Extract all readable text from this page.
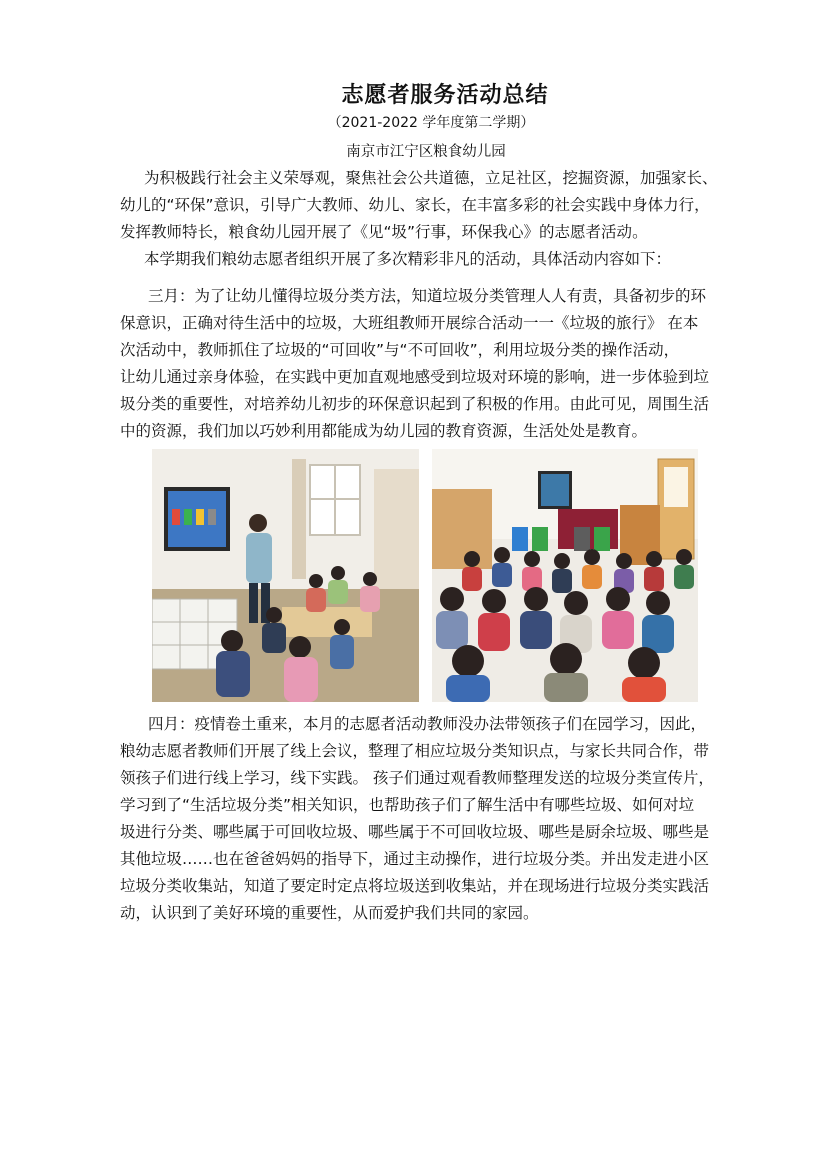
志愿者服务活动总结
（2021-2022 学年度第二学期）
南京市江宁区粮食幼儿园
为积极践行社会主义荣辱观，聚焦社会公共道德，立足社区，挖掘资源，加强家长、
幼儿的“环保”意识，引导广大教师、幼儿、家长，在丰富多彩的社会实践中身体力行，
发挥教师特长，粮食幼儿园开展了《见“圾”行事，环保我心》的志愿者活动。
本学期我们粮幼志愿者组织开展了多次精彩非凡的活动，具体活动内容如下：
三月：为了让幼儿懂得垃圾分类方法，知道垃圾分类管理人人有责，具备初步的环
保意识，正确对待生活中的垃圾，大班组教师开展综合活动一一《垃圾的旅行》 在本
次活动中，教师抓住了垃圾的“可回收”与“不可回收”，利用垃圾分类的操作活动，
让幼儿通过亲身体验，在实践中更加直观地感受到垃圾对环境的影响，进一步体验到垃
圾分类的重要性，对培养幼儿初步的环保意识起到了积极的作用。由此可见，周围生活
中的资源，我们加以巧妙利用都能成为幼儿园的教育资源，生活处处是教育。
四月：疫情卷土重来，本月的志愿者活动教师没办法带领孩子们在园学习，因此，
粮幼志愿者教师们开展了线上会议，整理了相应垃圾分类知识点，与家长共同合作，带
领孩子们进行线上学习，线下实践。 孩子们通过观看教师整理发送的垃圾分类宣传片，
学习到了“生活垃圾分类”相关知识，也帮助孩子们了解生活中有哪些垃圾、如何对垃
圾进行分类、哪些属于可回收垃圾、哪些属于不可回收垃圾、哪些是厨余垃圾、哪些是
其他垃圾……也在爸爸妈妈的指导下，通过主动操作，进行垃圾分类。并出发走进小区
垃圾分类收集站，知道了要定时定点将垃圾送到收集站，并在现场进行垃圾分类实践活
动，认识到了美好环境的重要性，从而爱护我们共同的家园。
